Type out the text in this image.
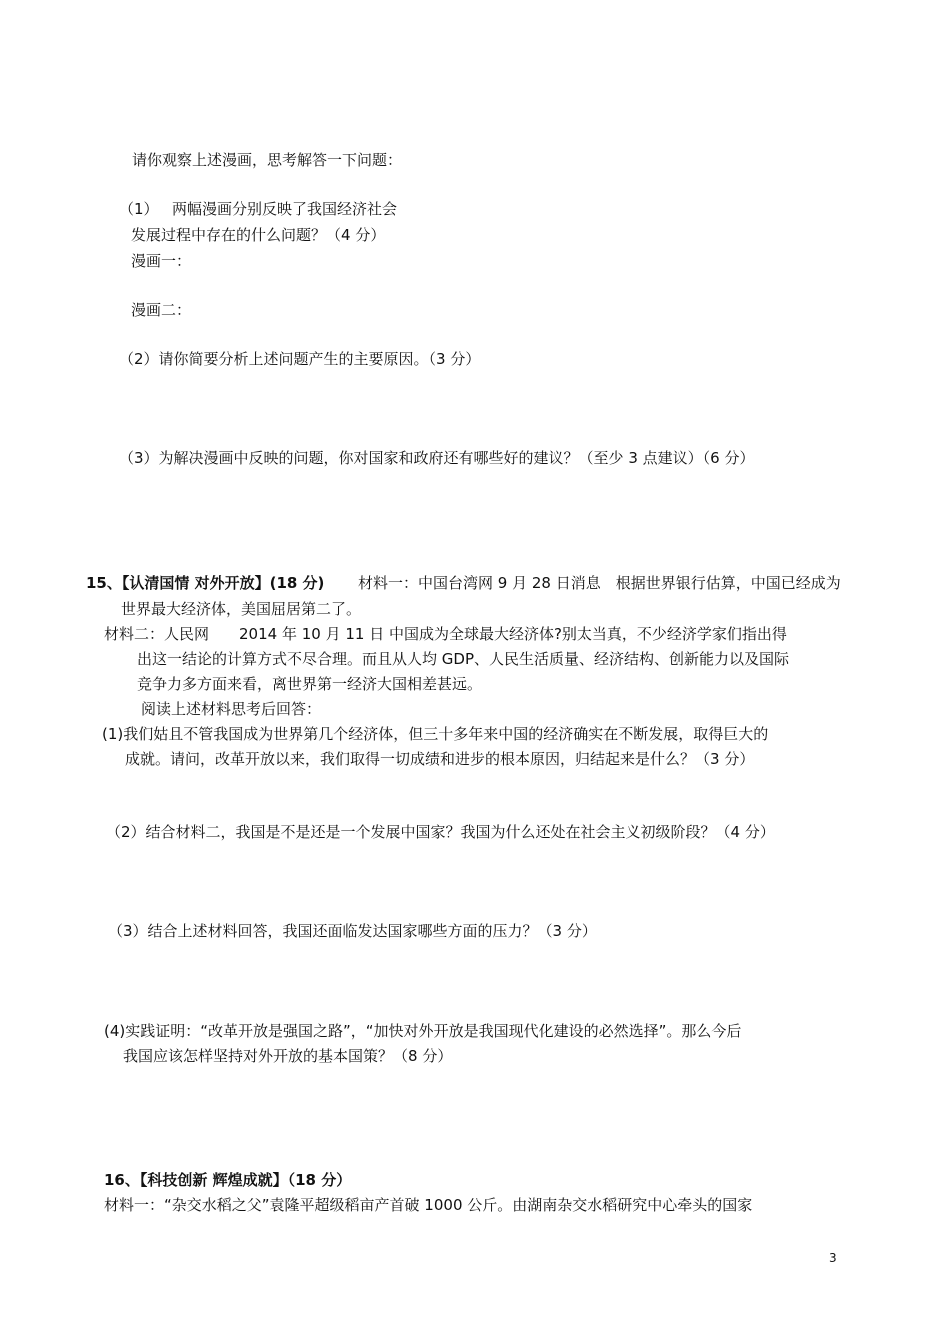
请你观察上述漫画，思考解答一下问题：
（1） 两幅漫画分别反映了我国经济社会
发展过程中存在的什么问题？（4 分）
漫画一：
漫画二：
（2）请你简要分析上述问题产生的主要原因。（3 分）
（3）为解决漫画中反映的问题，你对国家和政府还有哪些好的建议？（至少 3 点建议）（6 分）
15、【认清国情 对外开放】(18 分) 材料一：中国台湾网 9 月 28 日消息　根据世界银行估算，中国已经成为
世界最大经济体，美国屈居第二了。
材料二：人民网　　2014 年 10 月 11 日 中国成为全球最大经济体?别太当真，不少经济学家们指出得
出这一结论的计算方式不尽合理。而且从人均 GDP、人民生活质量、经济结构、创新能力以及国际
竞争力多方面来看，离世界第一经济大国相差甚远。
阅读上述材料思考后回答：
(1)我们姑且不管我国成为世界第几个经济体，但三十多年来中国的经济确实在不断发展，取得巨大的
成就。请问，改革开放以来，我们取得一切成绩和进步的根本原因，归结起来是什么？（3 分）
（2）结合材料二，我国是不是还是一个发展中国家？我国为什么还处在社会主义初级阶段？（4 分）
（3）结合上述材料回答，我国还面临发达国家哪些方面的压力？（3 分）
(4)实践证明：“改革开放是强国之路”，“加快对外开放是我国现代化建设的必然选择”。那么今后
我国应该怎样坚持对外开放的基本国策？（8 分）
16、【科技创新 辉煌成就】（18 分）
材料一：“杂交水稻之父”袁隆平超级稻亩产首破 1000 公斤。由湖南杂交水稻研究中心牵头的国家
3
